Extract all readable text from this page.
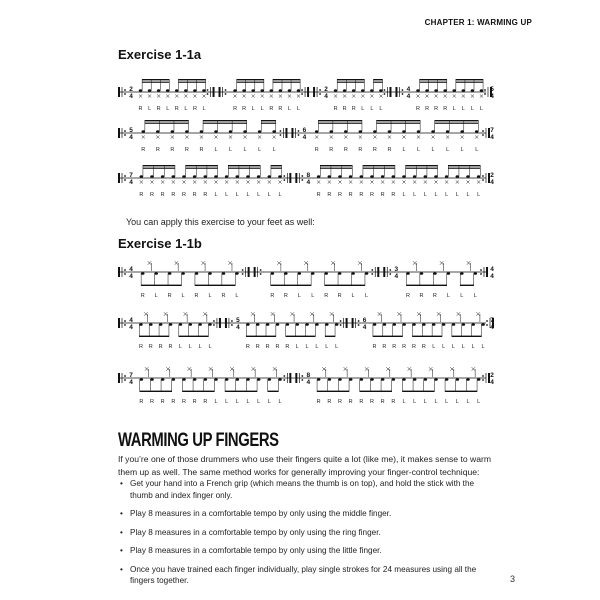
CHAPTER 1: WARMING UP
Exercise 1-1a
2
4
R L R L R L R L	R R L L R R L L
2
4
R R R L L L
4
4
R R R R L L L L
5
4
5
4
R R R R R L L L L L
6
4
R R R R R R L L L L L L
7
4
7
4
R R R R R R R L L L L L L L
8
4
R R R R R R R R L L L L L L L L
2
4
4
4
R L R L R L R L	R R L L R R L L
3
4
R R R L L L
4
4
4
4
R R R R L L L L
5
4
R R R R R L L L L L
6
4
R R R R R R L L L L L L
7
4
7
4
R R R R R R R L L L L L L L
8
4
R R R R R R R R L L L L L L L L
2
4
You can apply this exercise to your feet as well:
Exercise 1-1b
WARMING UP FINGERS
If you’re one of those drummers who use their fingers quite a lot (like me), it makes sense to warm them up as well. The same method works for generally improving your finger-control technique:
• Get your hand into a French grip (which means the thumb is on top), and hold the stick with the thumb and index finger only.
• Play 8 measures in a comfortable tempo by only using the middle finger.
• Play 8 measures in a comfortable tempo by only using the ring finger.
• Play 8 measures in a comfortable tempo by only using the little finger.
• Once you have trained each finger individually, play single strokes for 24 measures using all the fingers together.	3
